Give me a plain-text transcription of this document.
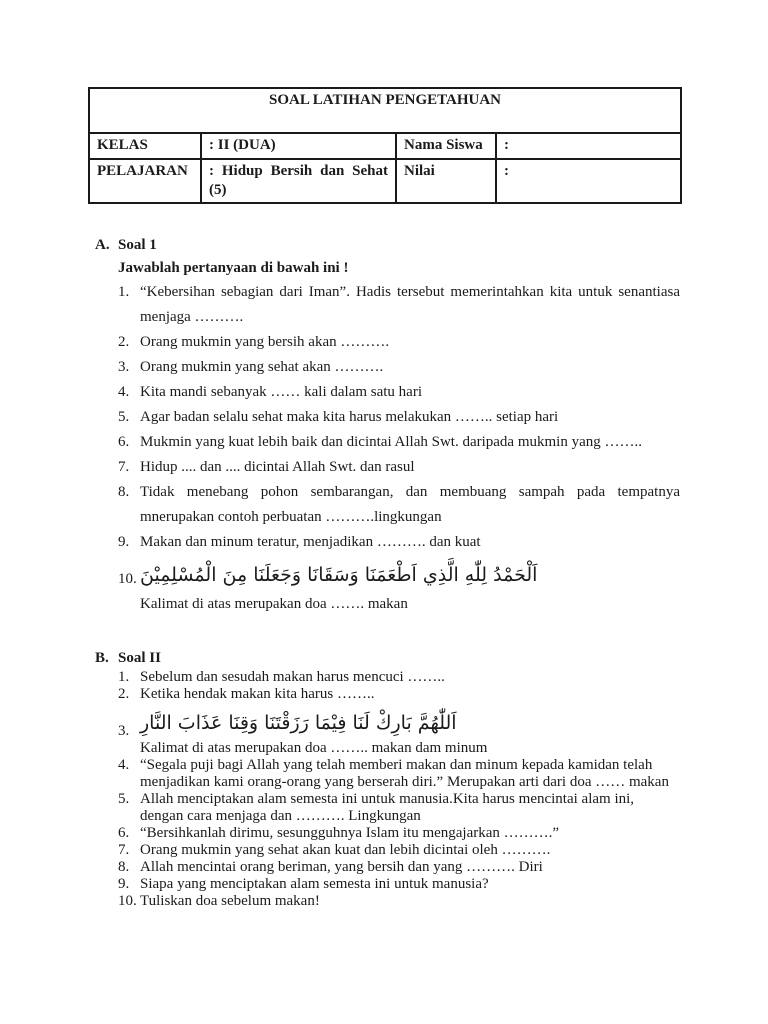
SOAL LATIHAN PENGETAHUAN			
KELAS	: II (DUA)	Nama Siswa	:
PELAJARAN	: Hidup Bersih dan Sehat (5)	Nilai	:
A. Soal 1
Jawablah pertanyaan di bawah ini !
1. “Kebersihan sebagian dari Iman”. Hadis tersebut memerintahkan kita untuk senantiasa menjaga ……….
2. Orang mukmin yang bersih akan ……….
3. Orang mukmin yang sehat akan ……….
4. Kita mandi sebanyak …… kali dalam satu hari
5. Agar badan selalu sehat maka kita harus melakukan …….. setiap hari
6. Mukmin yang kuat lebih baik dan dicintai Allah Swt. daripada mukmin yang ……..
7. Hidup .... dan .... dicintai Allah Swt. dan rasul
8. Tidak menebang pohon sembarangan, dan membuang sampah pada tempatnya mnerupakan contoh perbuatan ……….lingkungan
9. Makan dan minum teratur, menjadikan ………. dan kuat
10. اَلْحَمْدُ لِلّٰهِ الَّذِي اَطْعَمَنَا وَسَقَانَا وَجَعَلَنَا مِنَ الْمُسْلِمِيْنَ
Kalimat di atas merupakan doa ……. makan
B. Soal II
1. Sebelum dan sesudah makan harus mencuci ……..
2. Ketika hendak makan kita harus ……..
3. اَللّٰهُمَّ بَارِكْ لَنَا فِيْمَا رَزَقْتَنَا وَقِنَا عَذَابَ النَّارِ
Kalimat di atas merupakan doa …….. makan dam minum
4. “Segala puji bagi Allah yang telah memberi makan dan minum kepada kamidan telah menjadikan kami orang-orang yang berserah diri.” Merupakan arti dari doa …… makan
5. Allah menciptakan alam semesta ini untuk manusia.Kita harus mencintai alam ini, dengan cara menjaga dan ………. Lingkungan
6. “Bersihkanlah dirimu, sesungguhnya Islam itu mengajarkan ……….”
7. Orang mukmin yang sehat akan kuat dan lebih dicintai oleh ……….
8. Allah mencintai orang beriman, yang bersih dan yang ………. Diri
9. Siapa yang menciptakan alam semesta ini untuk manusia?
10. Tuliskan doa sebelum makan!
